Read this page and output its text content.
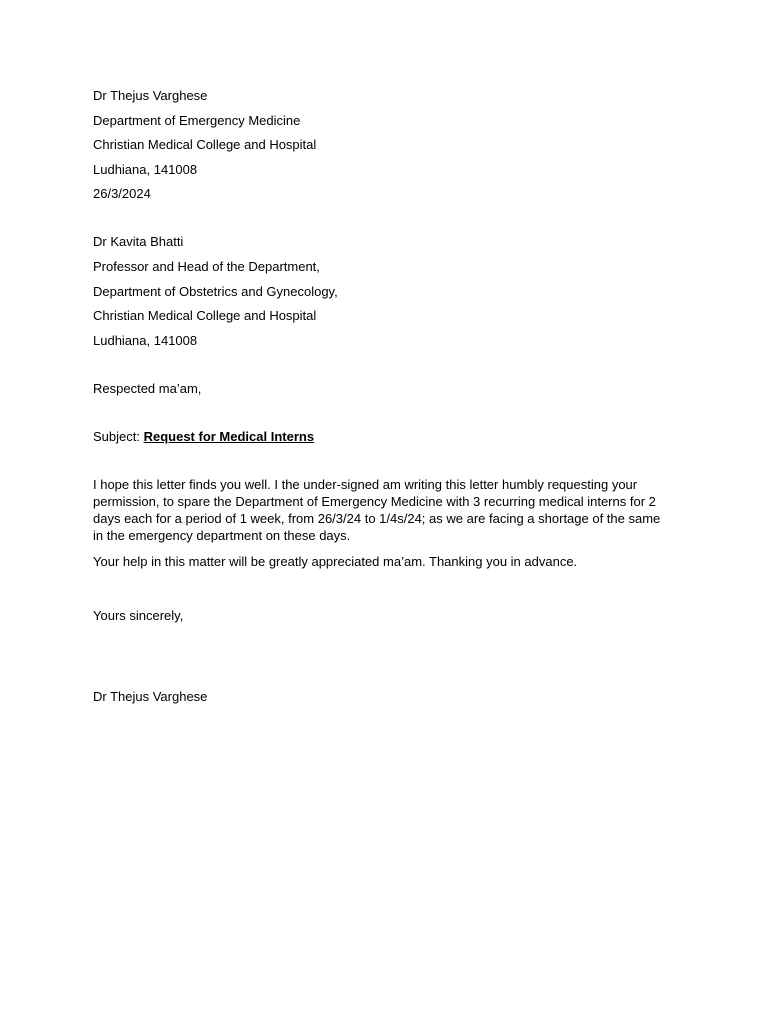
Dr Thejus Varghese
Department of Emergency Medicine
Christian Medical College and Hospital
Ludhiana, 141008
26/3/2024
Dr Kavita Bhatti
Professor and Head of the Department,
Department of Obstetrics and Gynecology,
Christian Medical College and Hospital
Ludhiana, 141008
Respected ma’am,
Subject: Request for Medical Interns

I hope this letter finds you well. I the under-signed am writing this letter humbly requesting your permission, to spare the Department of Emergency Medicine with 3 recurring medical interns for 2 days each for a period of 1 week, from 26/3/24 to 1/4s/24; as we are facing a shortage of the same in the emergency department on these days.

Your help in this matter will be greatly appreciated ma’am. Thanking you in advance.

Yours sincerely,
Dr Thejus Varghese
